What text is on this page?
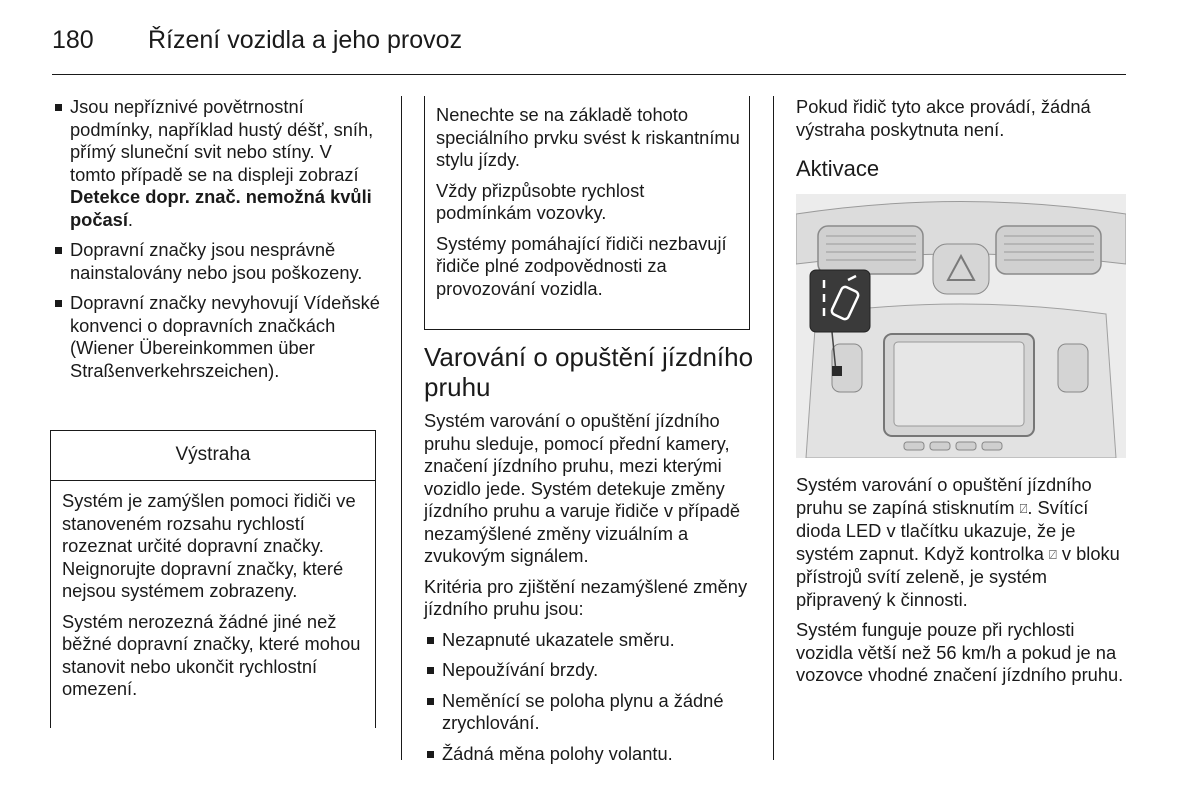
180 Řízení vozidla a jeho provoz
Jsou nepříznivé povětrnostní podmínky, například hustý déšť, sníh, přímý sluneční svit nebo stíny. V tomto případě se na displeji zobrazí Detekce dopr. znač. nemožná kvůli počasí.
Dopravní značky jsou nesprávně nainstalovány nebo jsou poškozeny.
Dopravní značky nevyhovují Vídeňské konvenci o dopravních značkách (Wiener Übereinkommen über Straßenverkehrszeichen).
Výstraha

Systém je zamýšlen pomoci řidiči ve stanoveném rozsahu rychlostí rozeznat určité dopravní značky. Neignorujte dopravní značky, které nejsou systémem zobrazeny.

Systém nerozezná žádné jiné než běžné dopravní značky, které mohou stanovit nebo ukončit rychlostní omezení.

Nenechte se na základě tohoto speciálního prvku svést k riskantnímu stylu jízdy.

Vždy přizpůsobte rychlost podmínkám vozovky.

Systémy pomáhající řidiči nezbavují řidiče plné zodpovědnosti za provozování vozidla.

Varování o opuštění jízdního pruhu

Systém varování o opuštění jízdního pruhu sleduje, pomocí přední kamery, značení jízdního pruhu, mezi kterými vozidlo jede. Systém detekuje změny jízdního pruhu a varuje řidiče v případě nezamýšlené změny vizuálním a zvukovým signálem.

Kritéria pro zjištění nezamýšlené změny jízdního pruhu jsou:

Nezapnuté ukazatele směru.
Nepoužívání brzdy.
Neměnící se poloha plynu a žádné zrychlování.
Žádná měna polohy volantu.
Pokud řidič tyto akce provádí, žádná výstraha poskytnuta není.
Aktivace

Systém varování o opuštění jízdního pruhu se zapíná stisknutím ⍁. Svítící dioda LED v tlačítku ukazuje, že je systém zapnut. Když kontrolka ⍁ v bloku přístrojů svítí zeleně, je systém připravený k činnosti.

Systém funguje pouze při rychlosti vozidla větší než 56 km/h a pokud je na vozovce vhodné značení jízdního pruhu.
